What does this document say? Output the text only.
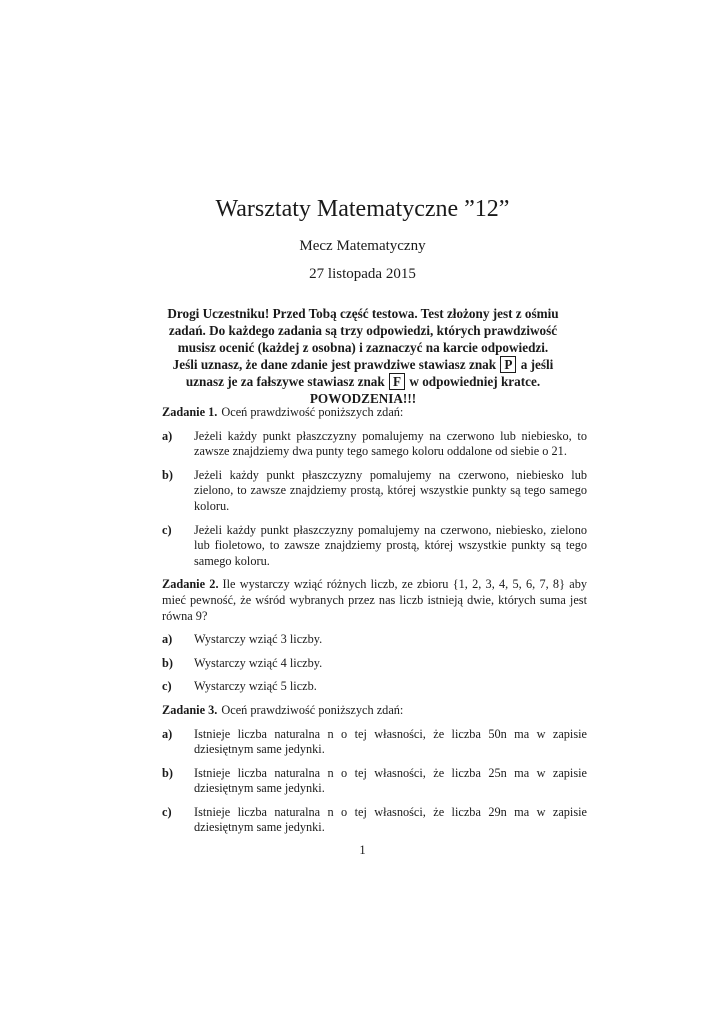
Warsztaty Matematyczne ”12”
Mecz Matematyczny
27 listopada 2015
Drogi Uczestniku! Przed Tobą część testowa. Test złożony jest z ośmiu zadań. Do każdego zadania są trzy odpowiedzi, których prawdziwość musisz ocenić (każdej z osobna) i zaznaczyć na karcie odpowiedzi. Jeśli uznasz, że dane zdanie jest prawdziwe stawiasz znak P a jeśli uznasz je za fałszywe stawiasz znak F w odpowiedniej kratce. POWODZENIA!!!

Zadanie 1. Oceń prawdziwość poniższych zdań:

a)	Jeżeli każdy punkt płaszczyzny pomalujemy na czerwono lub niebiesko, to zawsze znajdziemy dwa punty tego samego koloru oddalone od siebie o 21.
b)	Jeżeli każdy punkt płaszczyzny pomalujemy na czerwono, niebiesko lub zielono, to zawsze znajdziemy prostą, której wszystkie punkty są tego samego koloru.
c)	Jeżeli każdy punkt płaszczyzny pomalujemy na czerwono, niebiesko, zielono lub fioletowo, to zawsze znajdziemy prostą, której wszystkie punkty są tego samego koloru.

Zadanie 2. Ile wystarczy wziąć różnych liczb, ze zbioru {1, 2, 3, 4, 5, 6, 7, 8} aby mieć pewność, że wśród wybranych przez nas liczb istnieją dwie, których suma jest równa 9?

a)	Wystarczy wziąć 3 liczby.
b)	Wystarczy wziąć 4 liczby.
c)	Wystarczy wziąć 5 liczb.

Zadanie 3. Oceń prawdziwość poniższych zdań:

a)	Istnieje liczba naturalna n o tej własności, że liczba 50n ma w zapisie dziesiętnym same jedynki.
b)	Istnieje liczba naturalna n o tej własności, że liczba 25n ma w zapisie dziesiętnym same jedynki.
c)	Istnieje liczba naturalna n o tej własności, że liczba 29n ma w zapisie dziesiętnym same jedynki.
1
